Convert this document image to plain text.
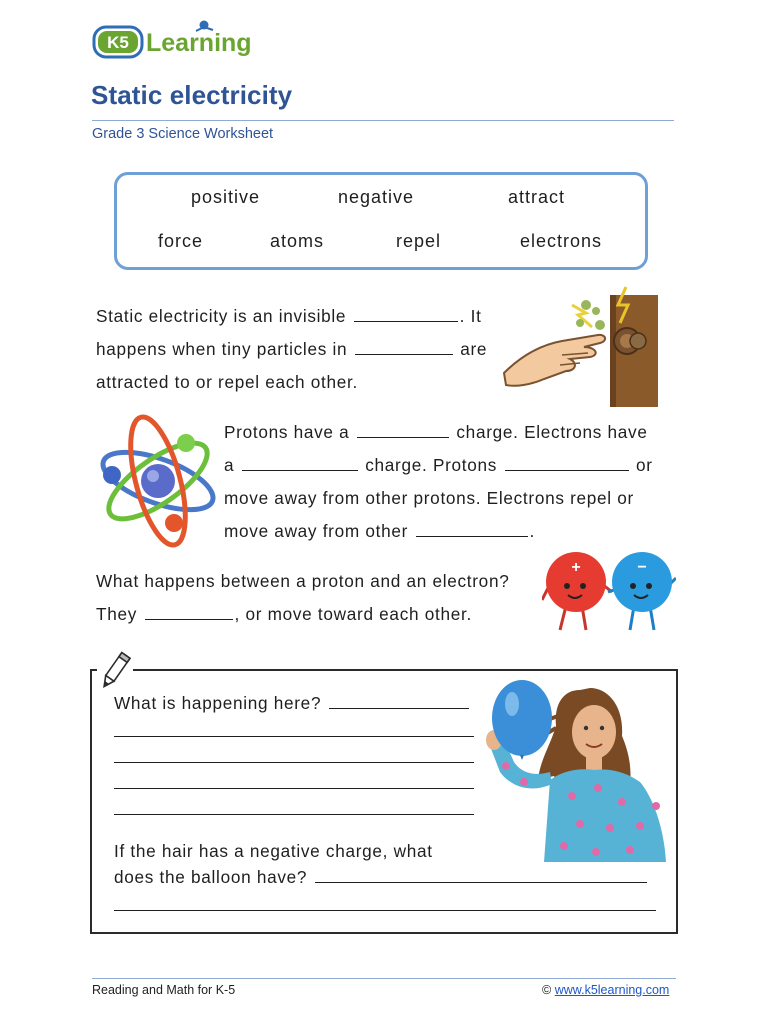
K5 Learning
Static electricity
Grade 3 Science Worksheet
positive	negative	attract
force	atoms	repel	electrons
Static electricity is an invisible	. It
happens when tiny particles in	are
attracted to or repel each other.
Protons have a	charge. Electrons have
a	charge. Protons	or
move away from other protons. Electrons repel or
move away from other	.
What happens between a proton and an electron?
They	, or move toward each other.
+	−
What is happening here?
If the hair has a negative charge, what
does the balloon have?
Reading and Math for K-5	© www.k5learning.com
